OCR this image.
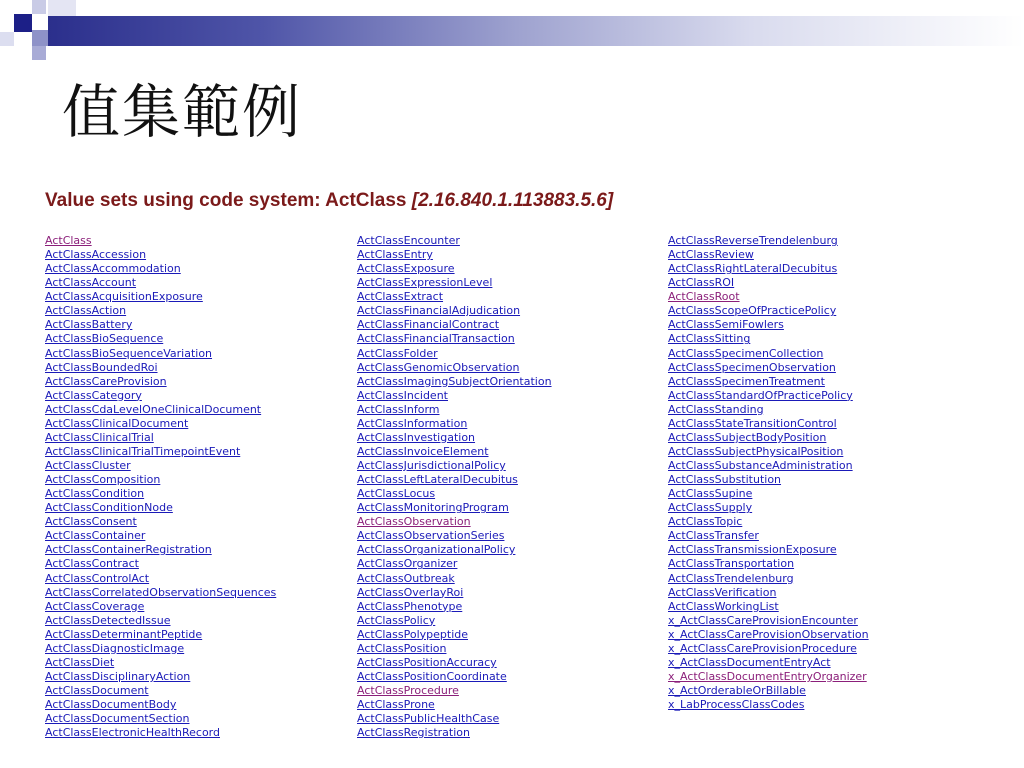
值集範例
Value sets using code system: ActClass [2.16.840.1.113883.5.6]
ActClass
ActClassAccession
ActClassAccommodation
ActClassAccount
ActClassAcquisitionExposure
ActClassAction
ActClassBattery
ActClassBioSequence
ActClassBioSequenceVariation
ActClassBoundedRoi
ActClassCareProvision
ActClassCategory
ActClassCdaLevelOneClinicalDocument
ActClassClinicalDocument
ActClassClinicalTrial
ActClassClinicalTrialTimepointEvent
ActClassCluster
ActClassComposition
ActClassCondition
ActClassConditionNode
ActClassConsent
ActClassContainer
ActClassContainerRegistration
ActClassContract
ActClassControlAct
ActClassCorrelatedObservationSequences
ActClassCoverage
ActClassDetectedIssue
ActClassDeterminantPeptide
ActClassDiagnosticImage
ActClassDiet
ActClassDisciplinaryAction
ActClassDocument
ActClassDocumentBody
ActClassDocumentSection
ActClassElectronicHealthRecord
ActClassEncounter
ActClassEntry
ActClassExposure
ActClassExpressionLevel
ActClassExtract
ActClassFinancialAdjudication
ActClassFinancialContract
ActClassFinancialTransaction
ActClassFolder
ActClassGenomicObservation
ActClassImagingSubjectOrientation
ActClassIncident
ActClassInform
ActClassInformation
ActClassInvestigation
ActClassInvoiceElement
ActClassJurisdictionalPolicy
ActClassLeftLateralDecubitus
ActClassLocus
ActClassMonitoringProgram
ActClassObservation
ActClassObservationSeries
ActClassOrganizationalPolicy
ActClassOrganizer
ActClassOutbreak
ActClassOverlayRoi
ActClassPhenotype
ActClassPolicy
ActClassPolypeptide
ActClassPosition
ActClassPositionAccuracy
ActClassPositionCoordinate
ActClassProcedure
ActClassProne
ActClassPublicHealthCase
ActClassRegistration
ActClassReverseTrendelenburg
ActClassReview
ActClassRightLateralDecubitus
ActClassROI
ActClassRoot
ActClassScopeOfPracticePolicy
ActClassSemiFowlers
ActClassSitting
ActClassSpecimenCollection
ActClassSpecimenObservation
ActClassSpecimenTreatment
ActClassStandardOfPracticePolicy
ActClassStanding
ActClassStateTransitionControl
ActClassSubjectBodyPosition
ActClassSubjectPhysicalPosition
ActClassSubstanceAdministration
ActClassSubstitution
ActClassSupine
ActClassSupply
ActClassTopic
ActClassTransfer
ActClassTransmissionExposure
ActClassTransportation
ActClassTrendelenburg
ActClassVerification
ActClassWorkingList
x_ActClassCareProvisionEncounter
x_ActClassCareProvisionObservation
x_ActClassCareProvisionProcedure
x_ActClassDocumentEntryAct
x_ActClassDocumentEntryOrganizer
x_ActOrderableOrBillable
x_LabProcessClassCodes
